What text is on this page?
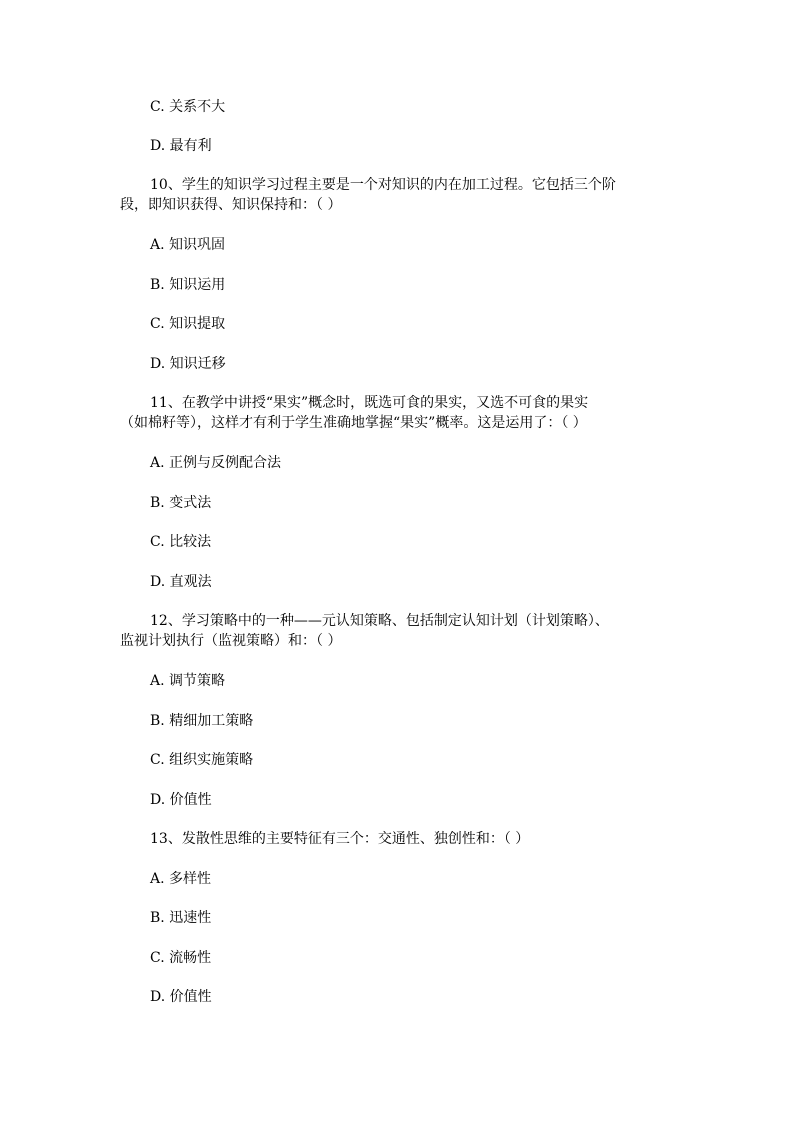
C. 关系不大
D. 最有利
10、学生的知识学习过程主要是一个对知识的内在加工过程。它包括三个阶
段，即知识获得、知识保持和：（ ）
A. 知识巩固
B. 知识运用
C. 知识提取
D. 知识迁移
11、在教学中讲授“果实”概念时，既选可食的果实，又选不可食的果实
（如棉籽等），这样才有利于学生准确地掌握“果实”概率。这是运用了：（ ）
A. 正例与反例配合法
B. 变式法
C. 比较法
D. 直观法
12、学习策略中的一种——元认知策略、包括制定认知计划（计划策略）、
监视计划执行（监视策略）和：（ ）
A. 调节策略
B. 精细加工策略
C. 组织实施策略
D. 价值性
13、发散性思维的主要特征有三个：交通性、独创性和：（ ）
A. 多样性
B. 迅速性
C. 流畅性
D. 价值性
